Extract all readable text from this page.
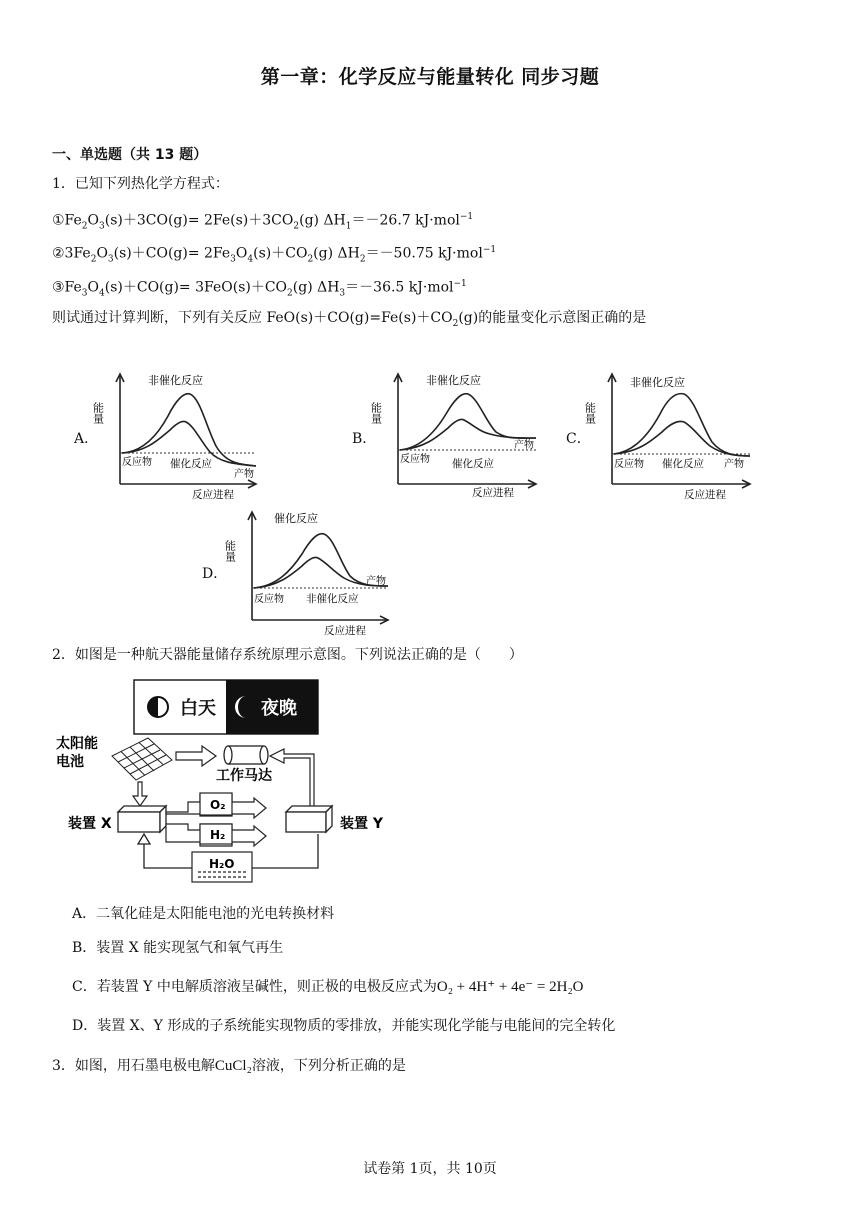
第一章：化学反应与能量转化 同步习题
一、单选题（共 13 题）
1．已知下列热化学方程式：
$①Fe_2O_3(s)+3CO(g)= 2Fe(s)+3CO_2(g)$ $\Delta H_1=-26.7$ kJ·mol$^{-1}$
$②3Fe_2O_3(s)+CO(g)= 2Fe_3O_4(s)+CO_2(g)$ $\Delta H_2=-50.75$ kJ·mol$^{-1}$
$③Fe_3O_4(s)+CO(g)= 3FeO(s)+CO_2(g)$ $\Delta H_3=-36.5$ kJ·mol$^{-1}$
则试通过计算判断，下列有关反应 $FeO(s)+CO(g)=Fe(s)+CO_2(g)$的能量变化示意图正确的是
A．
能量
非催化反应
反应物 催化反应
产物
反应进程
B．
能量
非催化反应
反应物 催化反应
产物
反应进程
C．
能量
非催化反应
反应物 催化反应 产物
反应进程
D．
能量
催化反应
反应物 非催化反应
产物
反应进程
2．如图是一种航天器能量储存系统原理示意图。下列说法正确的是（　　）
白天	夜晚
太阳能
电池
工作马达
装置 X	装置 Y
O₂
H₂
H₂O
A．二氧化硅是太阳能电池的光电转换材料
B．装置 X 能实现氢气和氧气再生
C．若装置 Y 中电解质溶液呈碱性，则正极的电极反应式为O₂ + 4H⁺ + 4e⁻ = 2H₂O
D．装置 X、Y 形成的子系统能实现物质的零排放，并能实现化学能与电能间的完全转化
3．如图，用石墨电极电解CuCl₂溶液，下列分析正确的是
试卷第 1页，共 10页
